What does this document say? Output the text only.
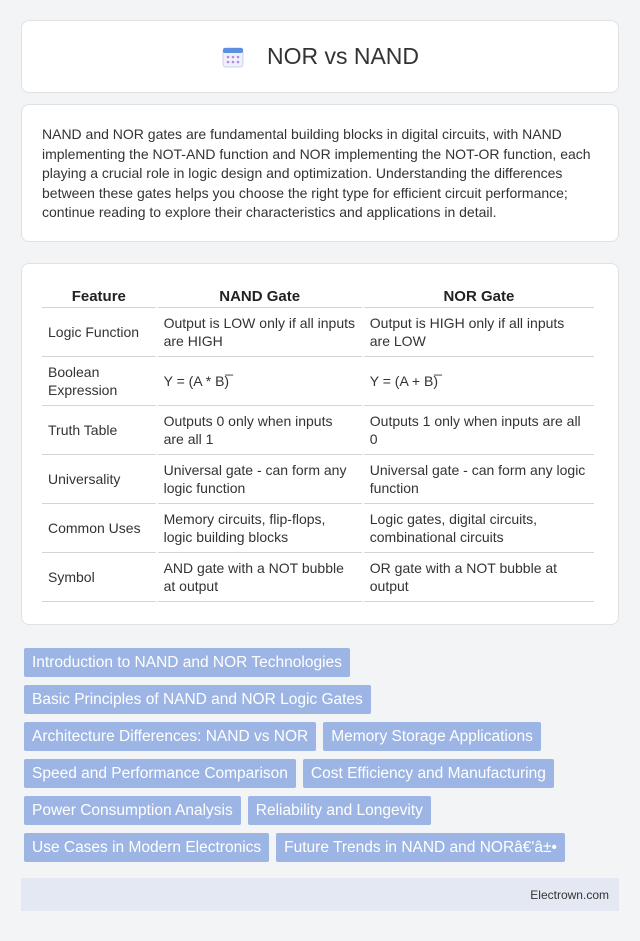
NOR vs NAND

NAND and NOR gates are fundamental building blocks in digital circuits, with NAND implementing the NOT-AND function and NOR implementing the NOT-OR function, each playing a crucial role in logic design and optimization. Understanding the differences between these gates helps you choose the right type for efficient circuit performance; continue reading to explore their characteristics and applications in detail.

Feature	NAND Gate	NOR Gate
Logic Function	Output is LOW only if all inputs are HIGH	Output is HIGH only if all inputs are LOW
Boolean Expression	Y = (A * B)̅	Y = (A + B)̅
Truth Table	Outputs 0 only when inputs are all 1	Outputs 1 only when inputs are all 0
Universality	Universal gate - can form any logic function	Universal gate - can form any logic function
Common Uses	Memory circuits, flip-flops, logic building blocks	Logic gates, digital circuits, combinational circuits
Symbol	AND gate with a NOT bubble at output	OR gate with a NOT bubble at output
Introduction to NAND and NOR Technologies
Basic Principles of NAND and NOR Logic Gates
Architecture Differences: NAND vs NOR	Memory Storage Applications
Speed and Performance Comparison	Cost Efficiency and Manufacturing
Power Consumption Analysis	Reliability and Longevity
Use Cases in Modern Electronics	Future Trends in NAND and NORâ€'â±•
Electrown.com
